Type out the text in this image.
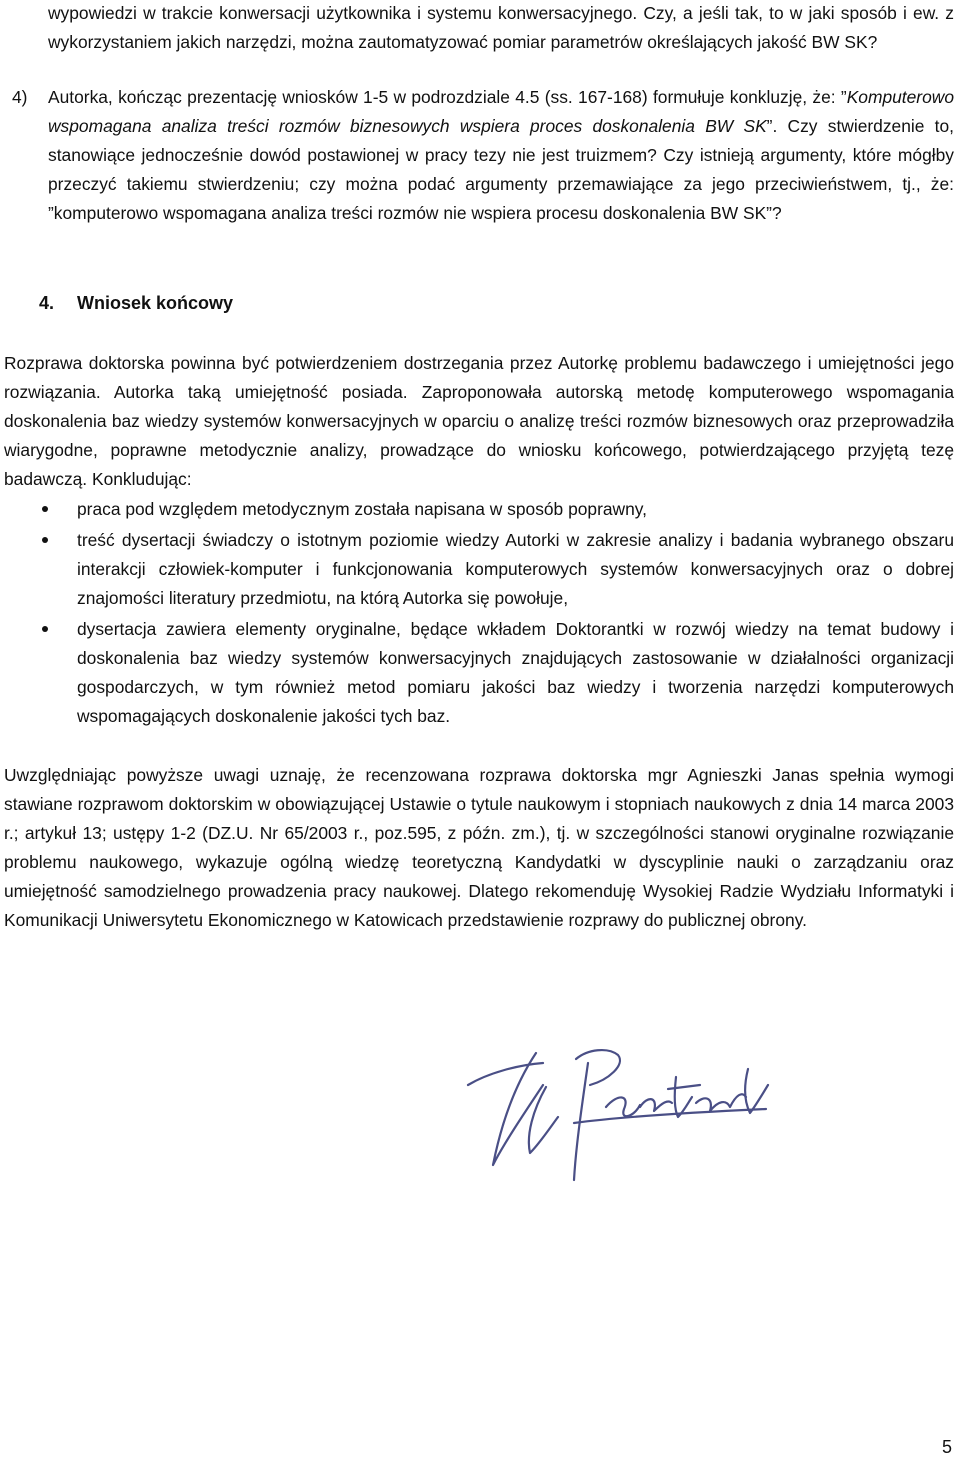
wypowiedzi w trakcie konwersacji użytkownika i systemu konwersacyjnego. Czy, a jeśli tak, to w jaki sposób i ew. z wykorzystaniem jakich narzędzi, można zautomatyzować pomiar parametrów określających jakość BW SK?

4) Autorka, kończąc prezentację wniosków 1-5 w podrozdziale 4.5 (ss. 167-168) formułuje konkluzję, że: ”Komputerowo wspomagana analiza treści rozmów biznesowych wspiera proces doskonalenia BW SK”. Czy stwierdzenie to, stanowiące jednocześnie dowód postawionej w pracy tezy nie jest truizmem? Czy istnieją argumenty, które mógłby przeczyć takiemu stwierdzeniu; czy można podać argumenty przemawiające za jego przeciwieństwem, tj., że: ”komputerowo wspomagana analiza treści rozmów nie wspiera procesu doskonalenia BW SK”?

4. Wniosek końcowy

Rozprawa doktorska powinna być potwierdzeniem dostrzegania przez Autorkę problemu badawczego i umiejętności jego rozwiązania. Autorka taką umiejętność posiada. Zaproponowała autorską metodę komputerowego wspomagania doskonalenia baz wiedzy systemów konwersacyjnych w oparciu o analizę treści rozmów biznesowych oraz przeprowadziła wiarygodne, poprawne metodycznie analizy, prowadzące do wniosku końcowego, potwierdzającego przyjętą tezę badawczą. Konkludując:

praca pod względem metodycznym została napisana w sposób poprawny,

treść dysertacji świadczy o istotnym poziomie wiedzy Autorki w zakresie analizy i badania wybranego obszaru interakcji człowiek-komputer i funkcjonowania komputerowych systemów konwersacyjnych oraz o dobrej znajomości literatury przedmiotu, na którą Autorka się powołuje,

dysertacja zawiera elementy oryginalne, będące wkładem Doktorantki w rozwój wiedzy na temat budowy i doskonalenia baz wiedzy systemów konwersacyjnych znajdujących zastosowanie w działalności organizacji gospodarczych, w tym również metod pomiaru jakości baz wiedzy i tworzenia narzędzi komputerowych wspomagających doskonalenie jakości tych baz.

Uwzględniając powyższe uwagi uznaję, że recenzowana rozprawa doktorska mgr Agnieszki Janas spełnia wymogi stawiane rozprawom doktorskim w obowiązującej Ustawie o tytule naukowym i stopniach naukowych z dnia 14 marca 2003 r.; artykuł 13; ustępy 1-2 (DZ.U. Nr 65/2003 r., poz.595, z późn. zm.), tj. w szczególności stanowi oryginalne rozwiązanie problemu naukowego, wykazuje ogólną wiedzę teoretyczną Kandydatki w dyscyplinie nauki o zarządzaniu oraz umiejętność samodzielnego prowadzenia pracy naukowej. Dlatego rekomenduję Wysokiej Radzie Wydziału Informatyki i Komunikacji Uniwersytetu Ekonomicznego w Katowicach przedstawienie rozprawy do publicznej obrony.

5
